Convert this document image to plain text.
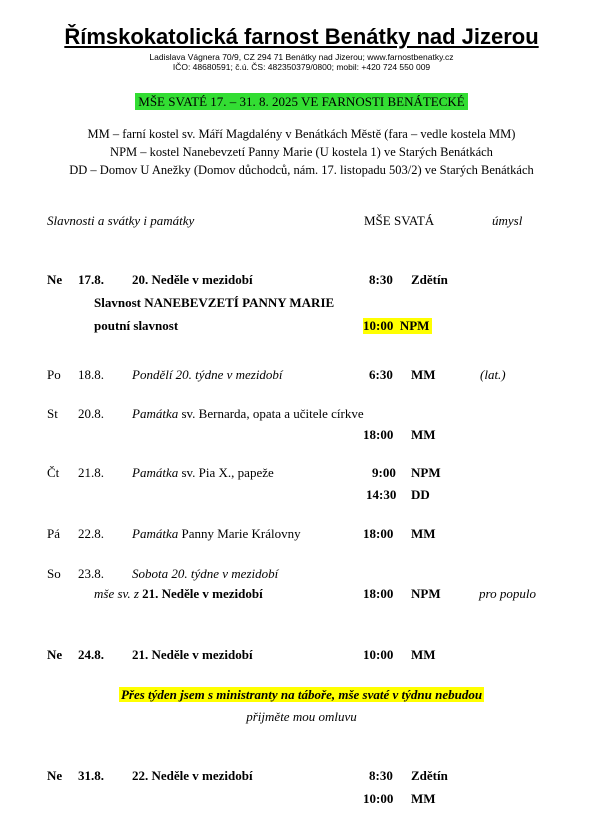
Římskokatolická farnost Benátky nad Jizerou
Ladislava Vágnera 70/9, CZ 294 71 Benátky nad Jizerou; www.farnostbenatky.cz
IČO: 48680591; č.ú. ČS: 482350379/0800; mobil: +420 724 550 009
MŠE SVATÉ 17. – 31. 8. 2025 VE FARNOSTI BENÁTECKÉ
MM – farní kostel sv. Máří Magdalény v Benátkách Městě (fara – vedle kostela MM)
NPM – kostel Nanebevzetí Panny Marie (U kostela 1) ve Starých Benátkách
DD – Domov U Anežky (Domov důchodců, nám. 17. listopadu 503/2) ve Starých Benátkách
Slavnosti a svátky i památky	MŠE SVATÁ	úmysl
Ne 17.8. 20. Neděle v mezidobí	8:30 Zdětín
Slavnost NANEBEVZETÍ PANNY MARIE
poutní slavnost	10:00 NPM
Po 18.8. Pondělí 20. týdne v mezidobí	6:30 MM	(lat.)
St 20.8. Památka sv. Bernarda, opata a učitele církve
18:00 MM
Čt 21.8. Památka sv. Pia X., papeže	9:00 NPM
14:30 DD
Pá 22.8. Památka Panny Marie Královny	18:00 MM
So 23.8. Sobota 20. týdne v mezidobí
mše sv. z 21. Neděle v mezidobí	18:00 NPM	pro populo
Ne 24.8. 21. Neděle v mezidobí	10:00 MM
Přes týden jsem s ministranty na táboře, mše svaté v týdnu nebudou
přijměte mou omluvu
Ne 31.8. 22. Neděle v mezidobí	8:30 Zdětín
10:00 MM
